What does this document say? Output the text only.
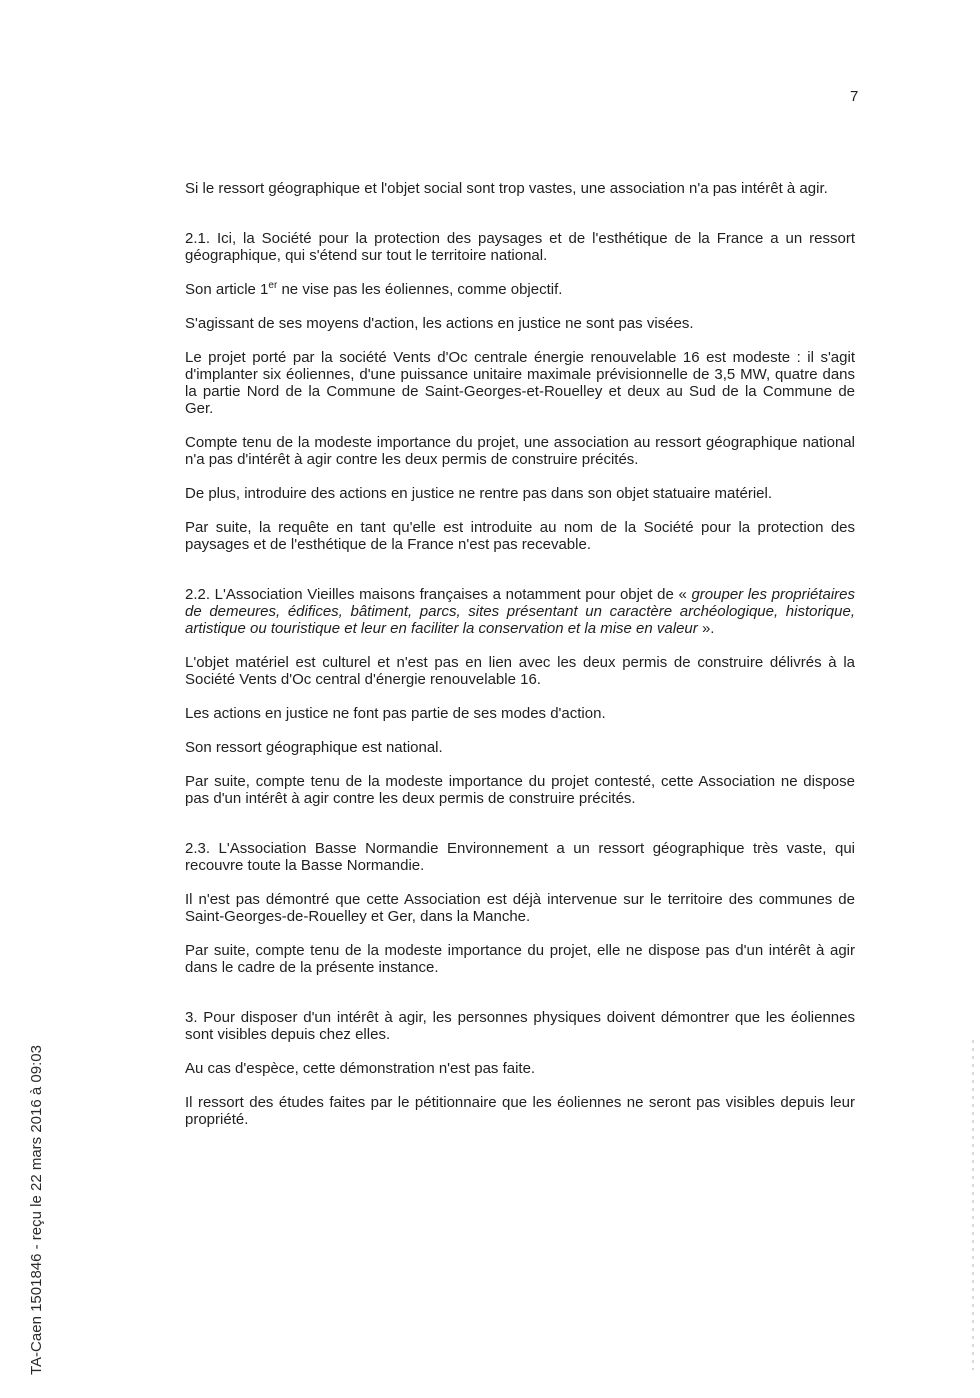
7

Si le ressort géographique et l'objet social sont trop vastes, une association n'a pas intérêt à agir.

2.1. Ici, la Société pour la protection des paysages et de l'esthétique de la France a un ressort géographique, qui s'étend sur tout le territoire national.

Son article 1er ne vise pas les éoliennes, comme objectif.

S'agissant de ses moyens d'action, les actions en justice ne sont pas visées.

Le projet porté par la société Vents d'Oc centrale énergie renouvelable 16 est modeste : il s'agit d'implanter six éoliennes, d'une puissance unitaire maximale prévisionnelle de 3,5 MW, quatre dans la partie Nord de la Commune de Saint-Georges-et-Rouelley et deux au Sud de la Commune de Ger.

Compte tenu de la modeste importance du projet, une association au ressort géographique national n'a pas d'intérêt à agir contre les deux permis de construire précités.

De plus, introduire des actions en justice ne rentre pas dans son objet statuaire matériel.

Par suite, la requête en tant qu'elle est introduite au nom de la Société pour la protection des paysages et de l'esthétique de la France n'est pas recevable.

2.2. L'Association Vieilles maisons françaises a notamment pour objet de « grouper les propriétaires de demeures, édifices, bâtiment, parcs, sites présentant un caractère archéologique, historique, artistique ou touristique et leur en faciliter la conservation et la mise en valeur ».

L'objet matériel est culturel et n'est pas en lien avec les deux permis de construire délivrés à la Société Vents d'Oc central d'énergie renouvelable 16.

Les actions en justice ne font pas partie de ses modes d'action.

Son ressort géographique est national.

Par suite, compte tenu de la modeste importance du projet contesté, cette Association ne dispose pas d'un intérêt à agir contre les deux permis de construire précités.

2.3. L'Association Basse Normandie Environnement a un ressort géographique très vaste, qui recouvre toute la Basse Normandie.

Il n'est pas démontré que cette Association est déjà intervenue sur le territoire des communes de Saint-Georges-de-Rouelley et Ger, dans la Manche.

Par suite, compte tenu de la modeste importance du projet, elle ne dispose pas d'un intérêt à agir dans le cadre de la présente instance.

3. Pour disposer d'un intérêt à agir, les personnes physiques doivent démontrer que les éoliennes sont visibles depuis chez elles.

Au cas d'espèce, cette démonstration n'est pas faite.

Il ressort des études faites par le pétitionnaire que les éoliennes ne seront pas visibles depuis leur propriété.

TA-Caen 1501846 - reçu le 22 mars 2016 à 09:03
